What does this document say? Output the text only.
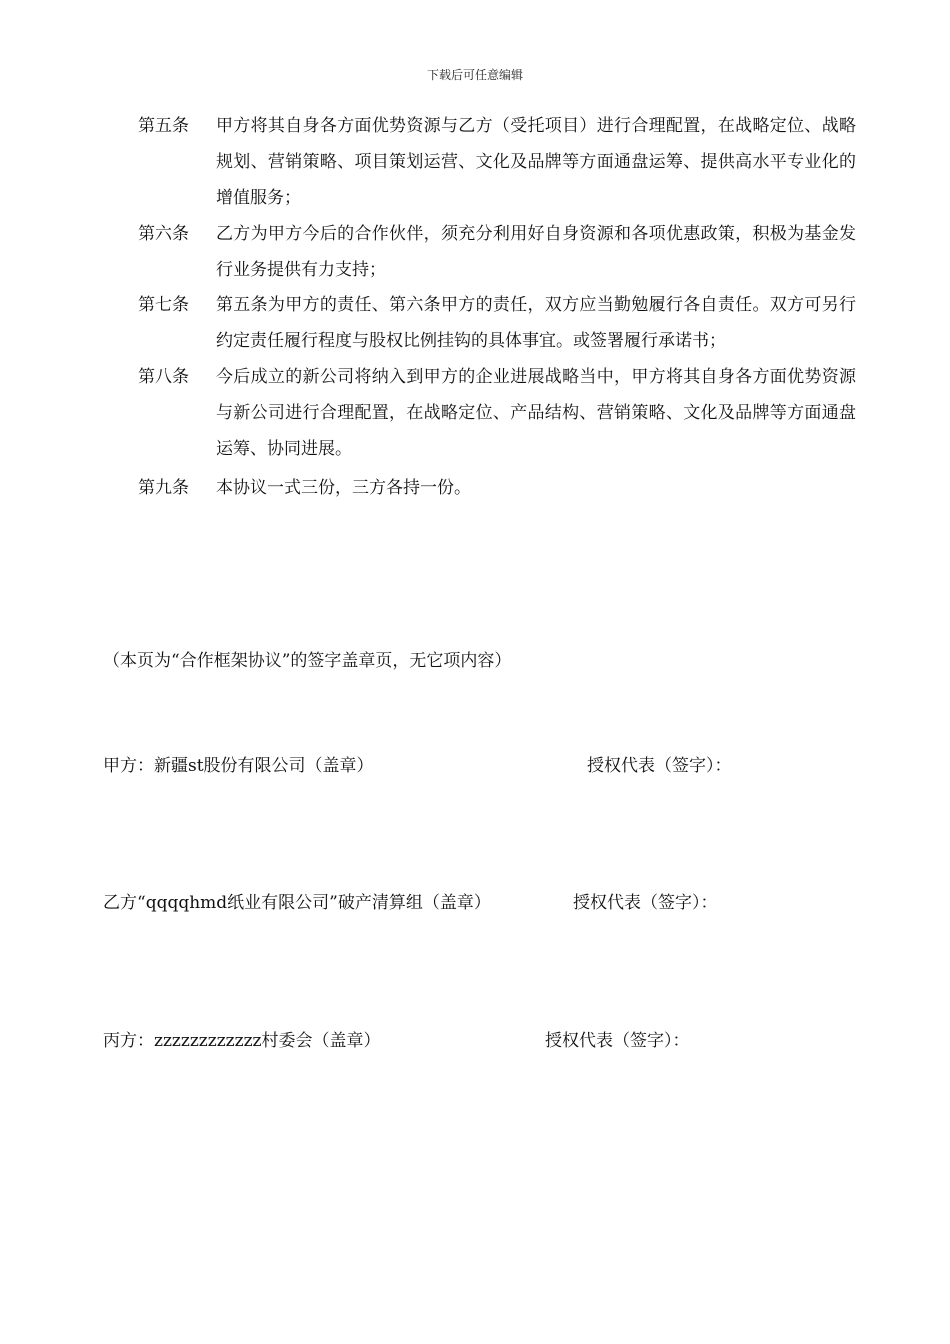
下载后可任意编辑
第五条 甲方将其自身各方面优势资源与乙方（受托项目）进行合理配置，在战略定位、战略规划、营销策略、项目策划运营、文化及品牌等方面通盘运筹、提供高水平专业化的增值服务；
第六条 乙方为甲方今后的合作伙伴，须充分利用好自身资源和各项优惠政策，积极为基金发行业务提供有力支持；
第七条 第五条为甲方的责任、第六条甲方的责任，双方应当勤勉履行各自责任。双方可另行约定责任履行程度与股权比例挂钩的具体事宜。或签署履行承诺书；
第八条 今后成立的新公司将纳入到甲方的企业进展战略当中，甲方将其自身各方面优势资源与新公司进行合理配置，在战略定位、产品结构、营销策略、文化及品牌等方面通盘运筹、协同进展。
第九条 本协议一式三份，三方各持一份。
（本页为“合作框架协议”的签字盖章页，无它项内容）
甲方：新疆st股份有限公司（盖章）	授权代表（签字）：
乙方“qqqqhmd纸业有限公司”破产清算组（盖章）	授权代表（签字）：
丙方：zzzzzzzzzzzz村委会（盖章）	授权代表（签字）：
